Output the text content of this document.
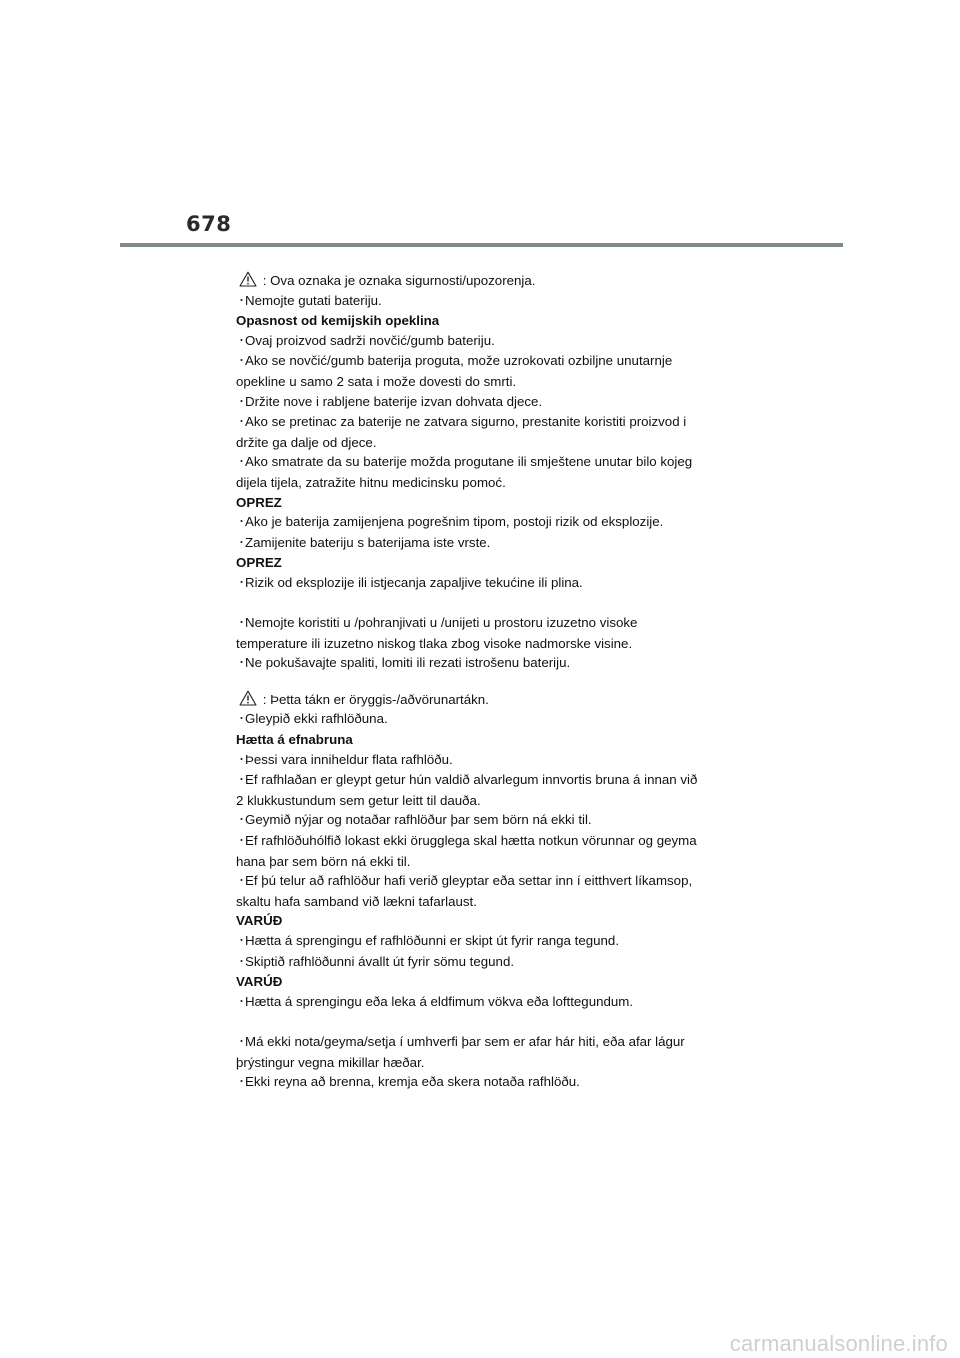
678

: Ova oznaka je oznaka sigurnosti/upozorenja.

・Nemojte gutati bateriju.

Opasnost od kemijskih opeklina

・Ovaj proizvod sadrži novčić/gumb bateriju.

・Ako se novčić/gumb baterija proguta, može uzrokovati ozbiljne unutarnje

opekline u samo 2 sata i može dovesti do smrti.

・Držite nove i rabljene baterije izvan dohvata djece.

・Ako se pretinac za baterije ne zatvara sigurno, prestanite koristiti proizvod i

držite ga dalje od djece.

・Ako smatrate da su baterije možda progutane ili smještene unutar bilo kojeg

dijela tijela, zatražite hitnu medicinsku pomoć.

OPREZ

・Ako je baterija zamijenjena pogrešnim tipom, postoji rizik od eksplozije.

・Zamijenite bateriju s baterijama iste vrste.

OPREZ

・Rizik od eksplozije ili istjecanja zapaljive tekućine ili plina.

・Nemojte koristiti u /pohranjivati u /unijeti u prostoru izuzetno visoke

temperature ili izuzetno niskog tlaka zbog visoke nadmorske visine.

・Ne pokušavajte spaliti, lomiti ili rezati istrošenu bateriju.

: Þetta tákn er öryggis-/aðvörunartákn.

・Gleypið ekki rafhlöðuna.

Hætta á efnabruna

・Þessi vara inniheldur flata rafhlöðu.

・Ef rafhlaðan er gleypt getur hún valdið alvarlegum innvortis bruna á innan við

2 klukkustundum sem getur leitt til dauða.

・Geymið nýjar og notaðar rafhlöður þar sem börn ná ekki til.

・Ef rafhlöðuhólfið lokast ekki örugglega skal hætta notkun vörunnar og geyma

hana þar sem börn ná ekki til.

・Ef þú telur að rafhlöður hafi verið gleyptar eða settar inn í eitthvert líkamsop,

skaltu hafa samband við lækni tafarlaust.

VARÚÐ

・Hætta á sprengingu ef rafhlöðunni er skipt út fyrir ranga tegund.

・Skiptið rafhlöðunni ávallt út fyrir sömu tegund.

VARÚÐ

・Hætta á sprengingu eða leka á eldfimum vökva eða lofttegundum.

・Má ekki nota/geyma/setja í umhverfi þar sem er afar hár hiti, eða afar lágur

þrýstingur vegna mikillar hæðar.

・Ekki reyna að brenna, kremja eða skera notaða rafhlöðu.

carmanualsonline.info
